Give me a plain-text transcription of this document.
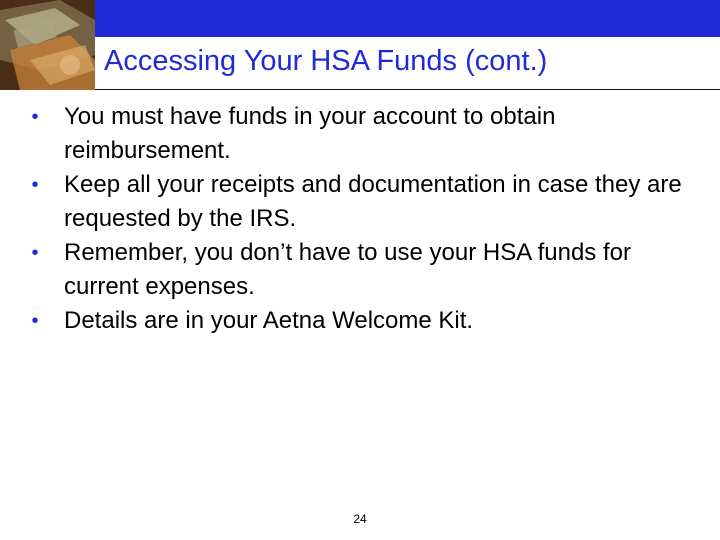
Accessing Your HSA Funds (cont.)
• You must have funds in your account to obtain reimbursement.
• Keep all your receipts and documentation in case they are requested by the IRS.
• Remember, you don’t have to use your HSA funds for current expenses.
• Details are in your Aetna Welcome Kit.
24
